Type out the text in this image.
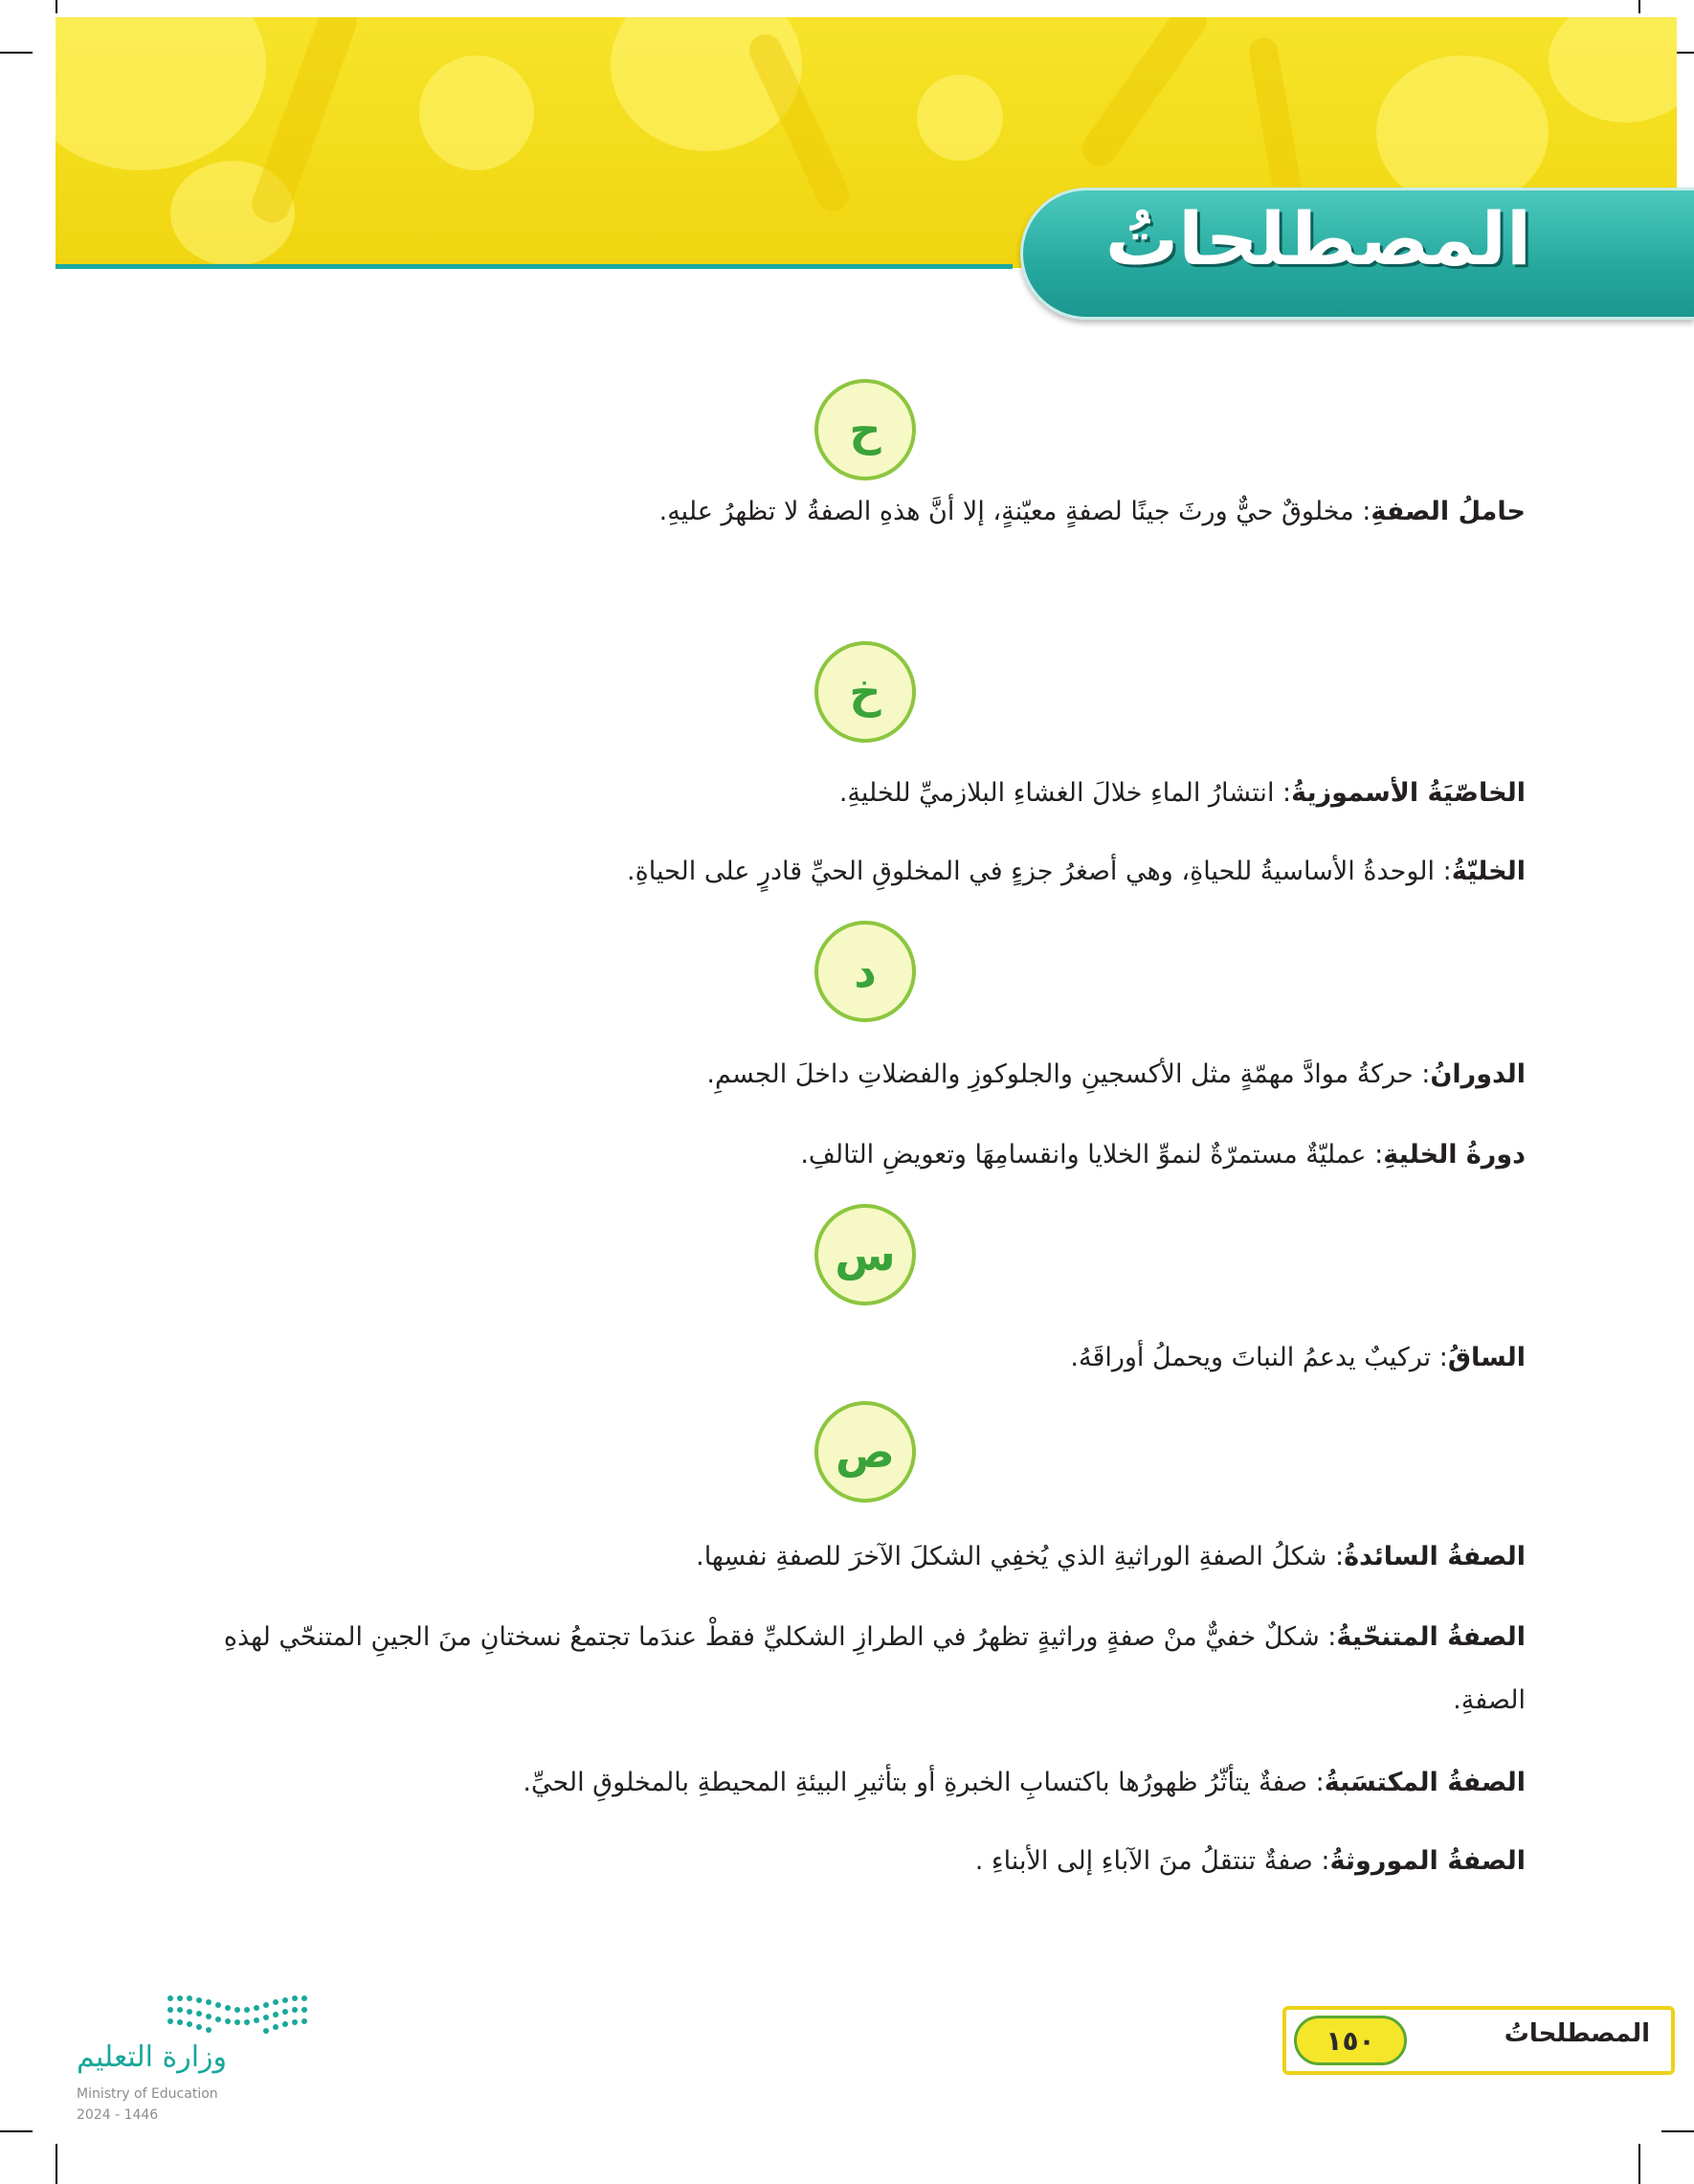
المصطلحاتُ
ح
حاملُ الصفةِ: مخلوقٌ حيٌّ ورثَ جينًا لصفةٍ معيّنةٍ، إلا أنَّ هذهِ الصفةُ لا تظهرُ عليهِ.
خ
الخاصّيَةُ الأسموزيةُ: انتشارُ الماءِ خلالَ الغشاءِ البلازميِّ للخليةِ.
الخليّةُ: الوحدةُ الأساسيةُ للحياةِ، وهي أصغرُ جزءٍ في المخلوقِ الحيِّ قادرٍ على الحياةِ.
د
الدورانُ: حركةُ موادَّ مهمّةٍ مثل الأكسجينِ والجلوكوزِ والفضلاتِ داخلَ الجسمِ.
دورةُ الخليةِ: عمليّةٌ مستمرّةٌ لنموِّ الخلايا وانقسامِهَا وتعويضِ التالفِ.
س
الساقُ: تركيبٌ يدعمُ النباتَ ويحملُ أوراقَهُ.
ص
الصفةُ السائدةُ: شكلُ الصفةِ الوراثيةِ الذي يُخفِي الشكلَ الآخرَ للصفةِ نفسِها.
الصفةُ المتنحّيةُ: شكلٌ خفيٌّ منْ صفةٍ وراثيةٍ تظهرُ في الطرازِ الشكليِّ فقطْ عندَما تجتمعُ نسختانِ منَ الجينِ المتنحّي لهذهِ الصفةِ.
الصفةُ المكتسَبةُ: صفةٌ يتأثّرُ ظهورُها باكتسابِ الخبرةِ أو بتأثيرِ البيئةِ المحيطةِ بالمخلوقِ الحيِّ.
الصفةُ الموروثةُ: صفةٌ تنتقلُ منَ الآباءِ إلى الأبناءِ .
المصطلحاتُ
١٥٠
وزارة التعليم
Ministry of Education
2024 - 1446
